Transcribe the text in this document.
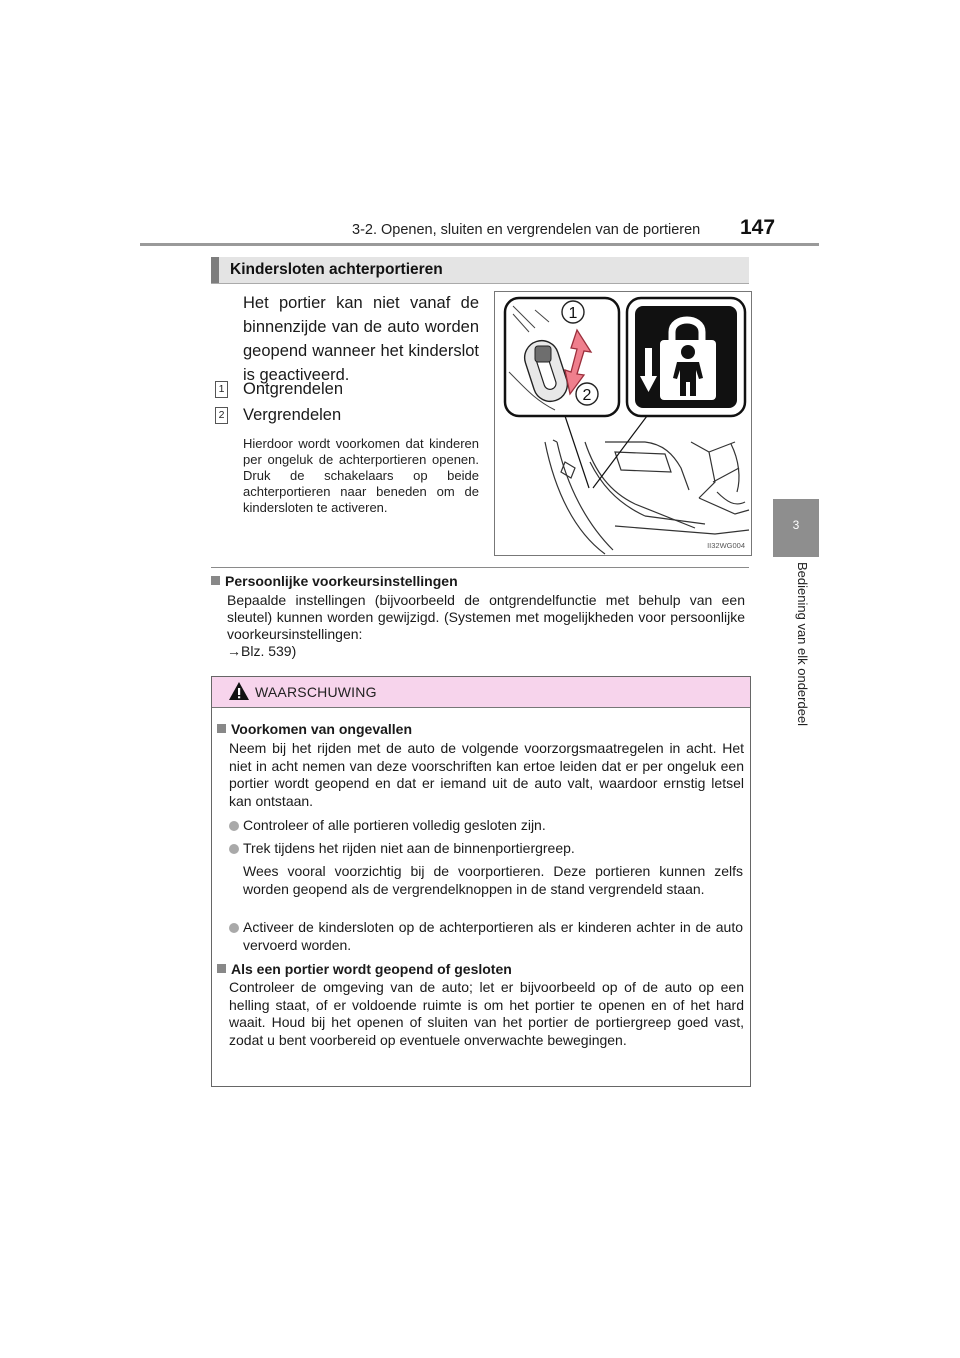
3-2. Openen, sluiten en vergrendelen van de portieren 147
3
Bediening van elk onderdeel
Kindersloten achterportieren
Het portier kan niet vanaf de binnenzijde van de auto worden geopend wanneer het kinderslot is geactiveerd.
1 Ontgrendelen
2 Vergrendelen
Hierdoor wordt voorkomen dat kinderen per ongeluk de achterportieren openen. Druk de schakelaars op beide achterportieren naar beneden om de kindersloten te activeren.
1
2
II32WG004
Persoonlijke voorkeursinstellingen
Bepaalde instellingen (bijvoorbeeld de ontgrendelfunctie met behulp van een sleutel) kunnen worden gewijzigd. (Systemen met mogelijkheden voor persoonlijke voorkeursinstellingen:
→Blz. 539)
WAARSCHUWING
Voorkomen van ongevallen
Neem bij het rijden met de auto de volgende voorzorgsmaatregelen in acht. Het niet in acht nemen van deze voorschriften kan ertoe leiden dat er per ongeluk een portier wordt geopend en dat er iemand uit de auto valt, waardoor ernstig letsel kan ontstaan.
Controleer of alle portieren volledig gesloten zijn.
Trek tijdens het rijden niet aan de binnenportiergreep.
Wees vooral voorzichtig bij de voorportieren. Deze portieren kunnen zelfs worden geopend als de vergrendelknoppen in de stand vergrendeld staan.
Activeer de kindersloten op de achterportieren als er kinderen achter in de auto vervoerd worden.
Als een portier wordt geopend of gesloten
Controleer de omgeving van de auto; let er bijvoorbeeld op of de auto op een helling staat, of er voldoende ruimte is om het portier te openen en of het hard waait. Houd bij het openen of sluiten van het portier de portiergreep goed vast, zodat u bent voorbereid op eventuele onverwachte bewegingen.
